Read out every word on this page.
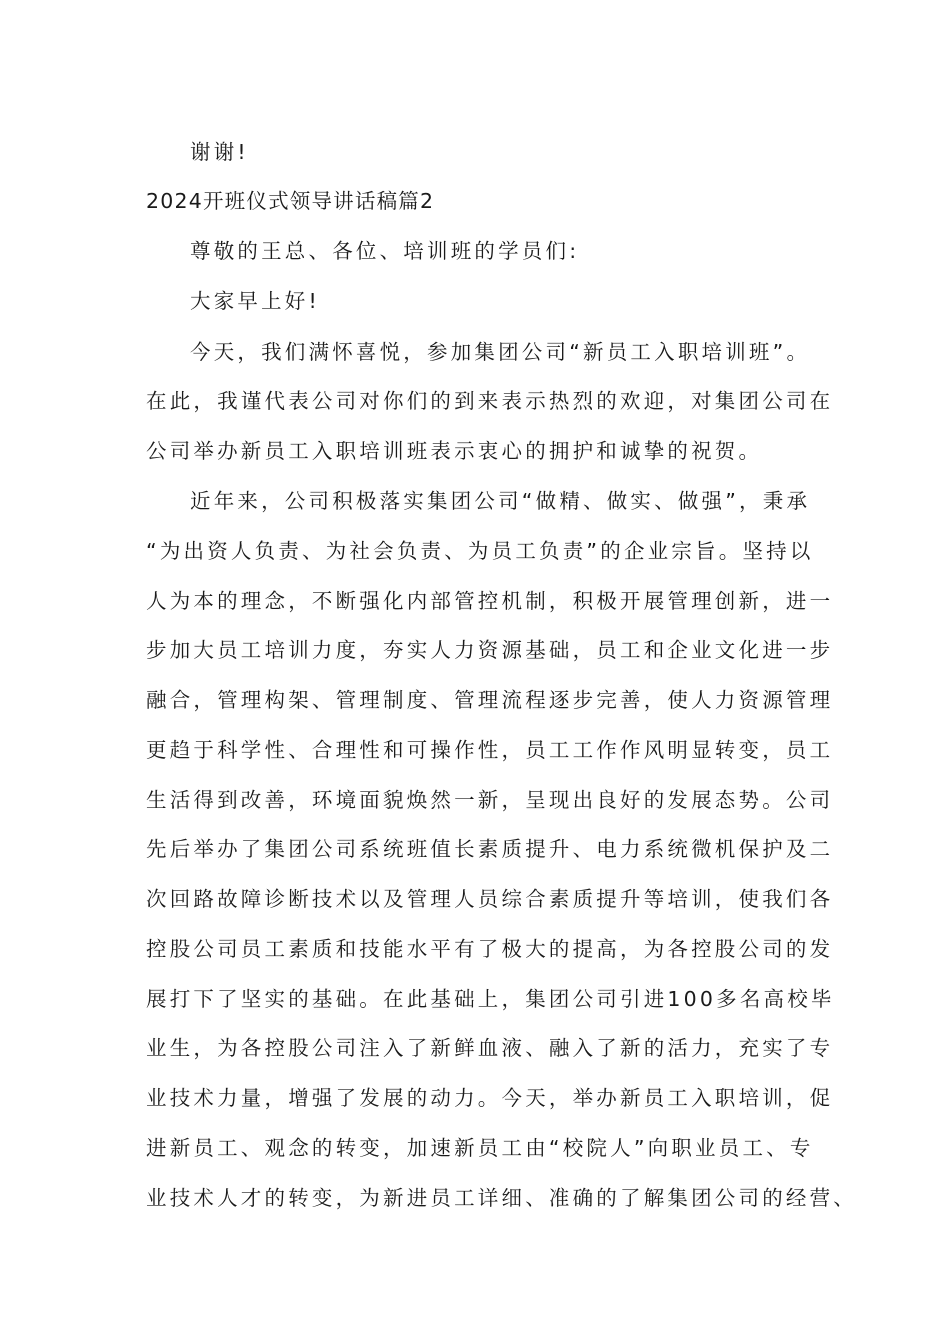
谢谢!
2024开班仪式领导讲话稿篇2
尊敬的王总、各位、培训班的学员们:
大家早上好!
今天，我们满怀喜悦，参加集团公司“新员工入职培训班”。
在此，我谨代表公司对你们的到来表示热烈的欢迎，对集团公司在
公司举办新员工入职培训班表示衷心的拥护和诚挚的祝贺。
近年来，公司积极落实集团公司“做精、做实、做强”，秉承
“为出资人负责、为社会负责、为员工负责”的企业宗旨。坚持以
人为本的理念，不断强化内部管控机制，积极开展管理创新，进一
步加大员工培训力度，夯实人力资源基础，员工和企业文化进一步
融合，管理构架、管理制度、管理流程逐步完善，使人力资源管理
更趋于科学性、合理性和可操作性，员工工作作风明显转变，员工
生活得到改善，环境面貌焕然一新，呈现出良好的发展态势。公司
先后举办了集团公司系统班值长素质提升、电力系统微机保护及二
次回路故障诊断技术以及管理人员综合素质提升等培训，使我们各
控股公司员工素质和技能水平有了极大的提高，为各控股公司的发
展打下了坚实的基础。在此基础上，集团公司引进100多名高校毕
业生，为各控股公司注入了新鲜血液、融入了新的活力，充实了专
业技术力量，增强了发展的动力。今天，举办新员工入职培训，促
进新员工、观念的转变，加速新员工由“校院人”向职业员工、专
业技术人才的转变，为新进员工详细、准确的了解集团公司的经营、
